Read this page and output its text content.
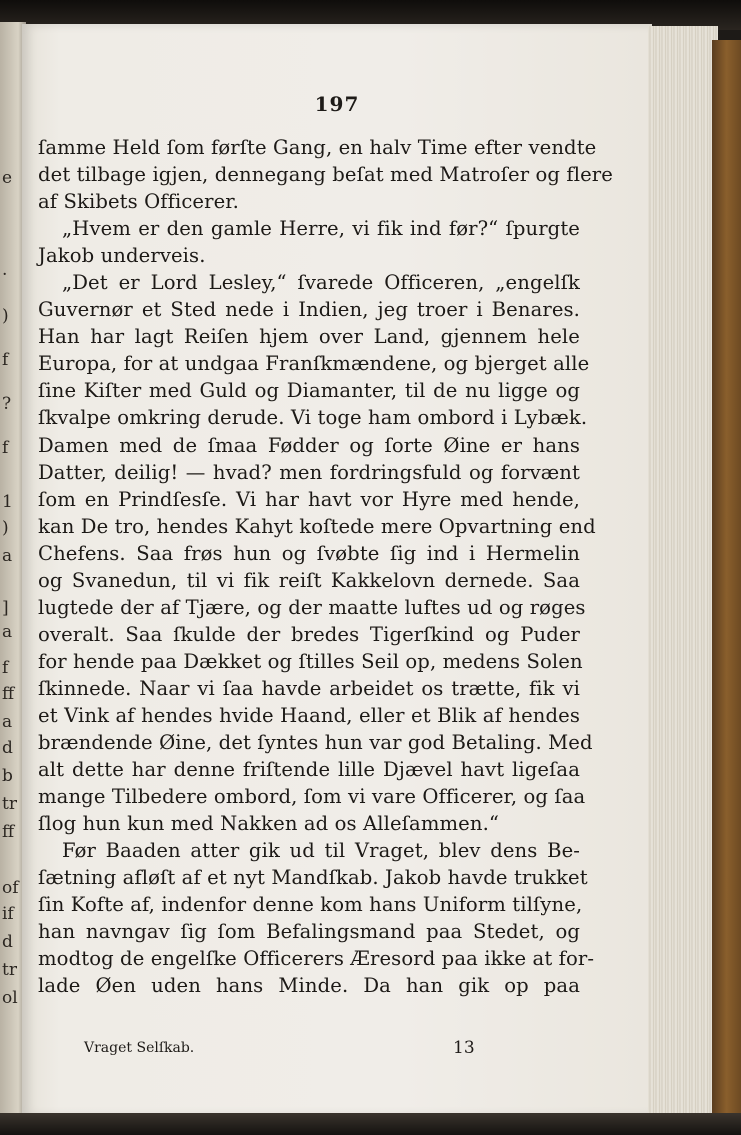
e
.
)
f
?
f
1
)
a
]
a
f
ff
a
d
b
tr
ff
of
if
d
tr
ol
197
ſamme Held ſom førſte Gang, en halv Time efter vendte
det tilbage igjen, dennegang beſat med Matroſer og flere
af Skibets Officerer.
„Hvem er den gamle Herre, vi fik ind før?“ ſpurgte
Jakob underveis.
„Det er Lord Lesley,“ ſvarede Officeren, „engelſk
Guvernør et Sted nede i Indien, jeg troer i Benares.
Han har lagt Reiſen hjem over Land, gjennem hele
Europa, for at undgaa Franſkmændene, og bjerget alle
ſine Kiſter med Guld og Diamanter, til de nu ligge og
ſkvalpe omkring derude. Vi toge ham ombord i Lybæk.
Damen med de ſmaa Fødder og ſorte Øine er hans
Datter, deilig! — hvad? men fordringsfuld og forvænt
ſom en Prindſesſe. Vi har havt vor Hyre med hende,
kan De tro, hendes Kahyt koſtede mere Opvartning end
Chefens. Saa frøs hun og ſvøbte ſig ind i Hermelin
og Svanedun, til vi fik reiſt Kakkelovn dernede. Saa
lugtede der af Tjære, og der maatte luftes ud og røges
overalt. Saa ſkulde der bredes Tigerſkind og Puder
for hende paa Dækket og ſtilles Seil op, medens Solen
ſkinnede. Naar vi ſaa havde arbeidet os trætte, fik vi
et Vink af hendes hvide Haand, eller et Blik af hendes
brændende Øine, det ſyntes hun var god Betaling. Med
alt dette har denne friſtende lille Djævel havt ligeſaa
mange Tilbedere ombord, ſom vi vare Officerer, og ſaa
ſlog hun kun med Nakken ad os Alleſammen.“
Før Baaden atter gik ud til Vraget, blev dens Be-
ſætning afløſt af et nyt Mandſkab. Jakob havde trukket
ſin Kofte af, indenfor denne kom hans Uniform tilſyne,
han navngav ſig ſom Befalingsmand paa Stedet, og
modtog de engelſke Officerers Æresord paa ikke at for-
lade Øen uden hans Minde. Da han gik op paa
Vraget Selſkab.	13
